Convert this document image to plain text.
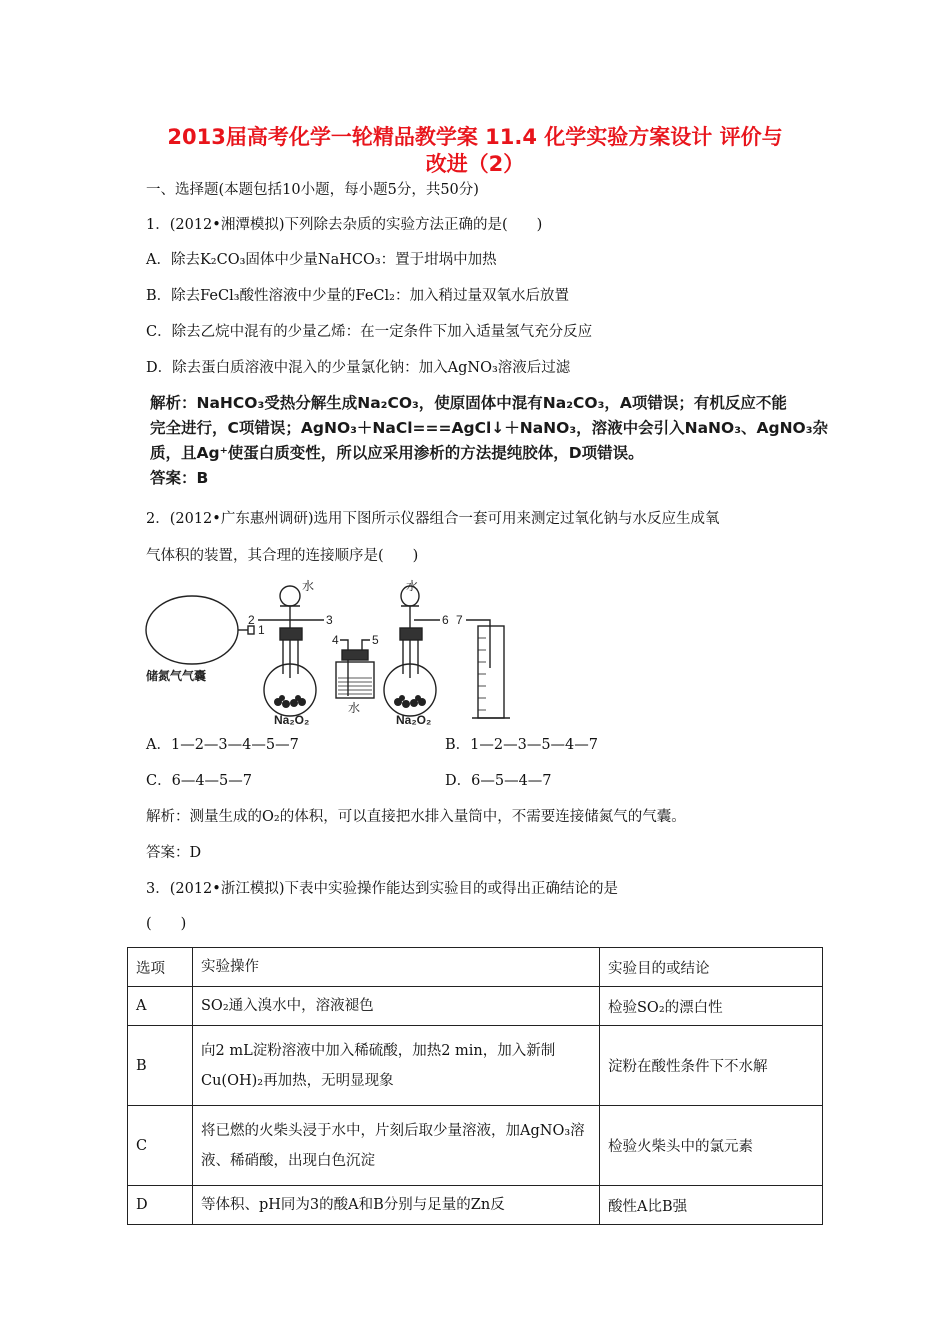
2013届高考化学一轮精品教学案 11.4 化学实验方案设计 评价与
改进（2）
一、选择题(本题包括10小题，每小题5分，共50分)
1．(2012•湘潭模拟)下列除去杂质的实验方法正确的是(　　)
A．除去K₂CO₃固体中少量NaHCO₃：置于坩埚中加热
B．除去FeCl₃酸性溶液中少量的FeCl₂：加入稍过量双氧水后放置
C．除去乙烷中混有的少量乙烯：在一定条件下加入适量氢气充分反应
D．除去蛋白质溶液中混入的少量氯化钠：加入AgNO₃溶液后过滤

解析：NaHCO₃受热分解生成Na₂CO₃，使原固体中混有Na₂CO₃，A项错误；有机反应不能

完全进行，C项错误；AgNO₃＋NaCl===AgCl↓＋NaNO₃，溶液中会引入NaNO₃、AgNO₃杂

质，且Ag⁺使蛋白质变性，所以应采用渗析的方法提纯胶体，D项错误。

答案：B

2．(2012•广东惠州调研)选用下图所示仪器组合一套可用来测定过氧化钠与水反应生成氧
气体积的装置，其合理的连接顺序是(　　)
1
储氮气气囊
水
2	3
Na₂O₂
4	5
水
水
6
Na₂O₂
7
A．1—2—3—4—5—7	B．1—2—3—5—4—7
C．6—4—5—7	D．6—5—4—7
解析：测量生成的O₂的体积，可以直接把水排入量筒中，不需要连接储氮气的气囊。
答案：D
3．(2012•浙江模拟)下表中实验操作能达到实验目的或得出正确结论的是
(　　)
选项	实验操作	实验目的或结论
A	SO₂通入溴水中，溶液褪色	检验SO₂的漂白性
B	向2 mL淀粉溶液中加入稀硫酸，加热2 min，加入新制Cu(OH)₂再加热，无明显现象	淀粉在酸性条件下不水解
C	将已燃的火柴头浸于水中，片刻后取少量溶液，加AgNO₃溶液、稀硝酸，出现白色沉淀	检验火柴头中的氯元素
D	等体积、pH同为3的酸A和B分别与足量的Zn反	酸性A比B强
